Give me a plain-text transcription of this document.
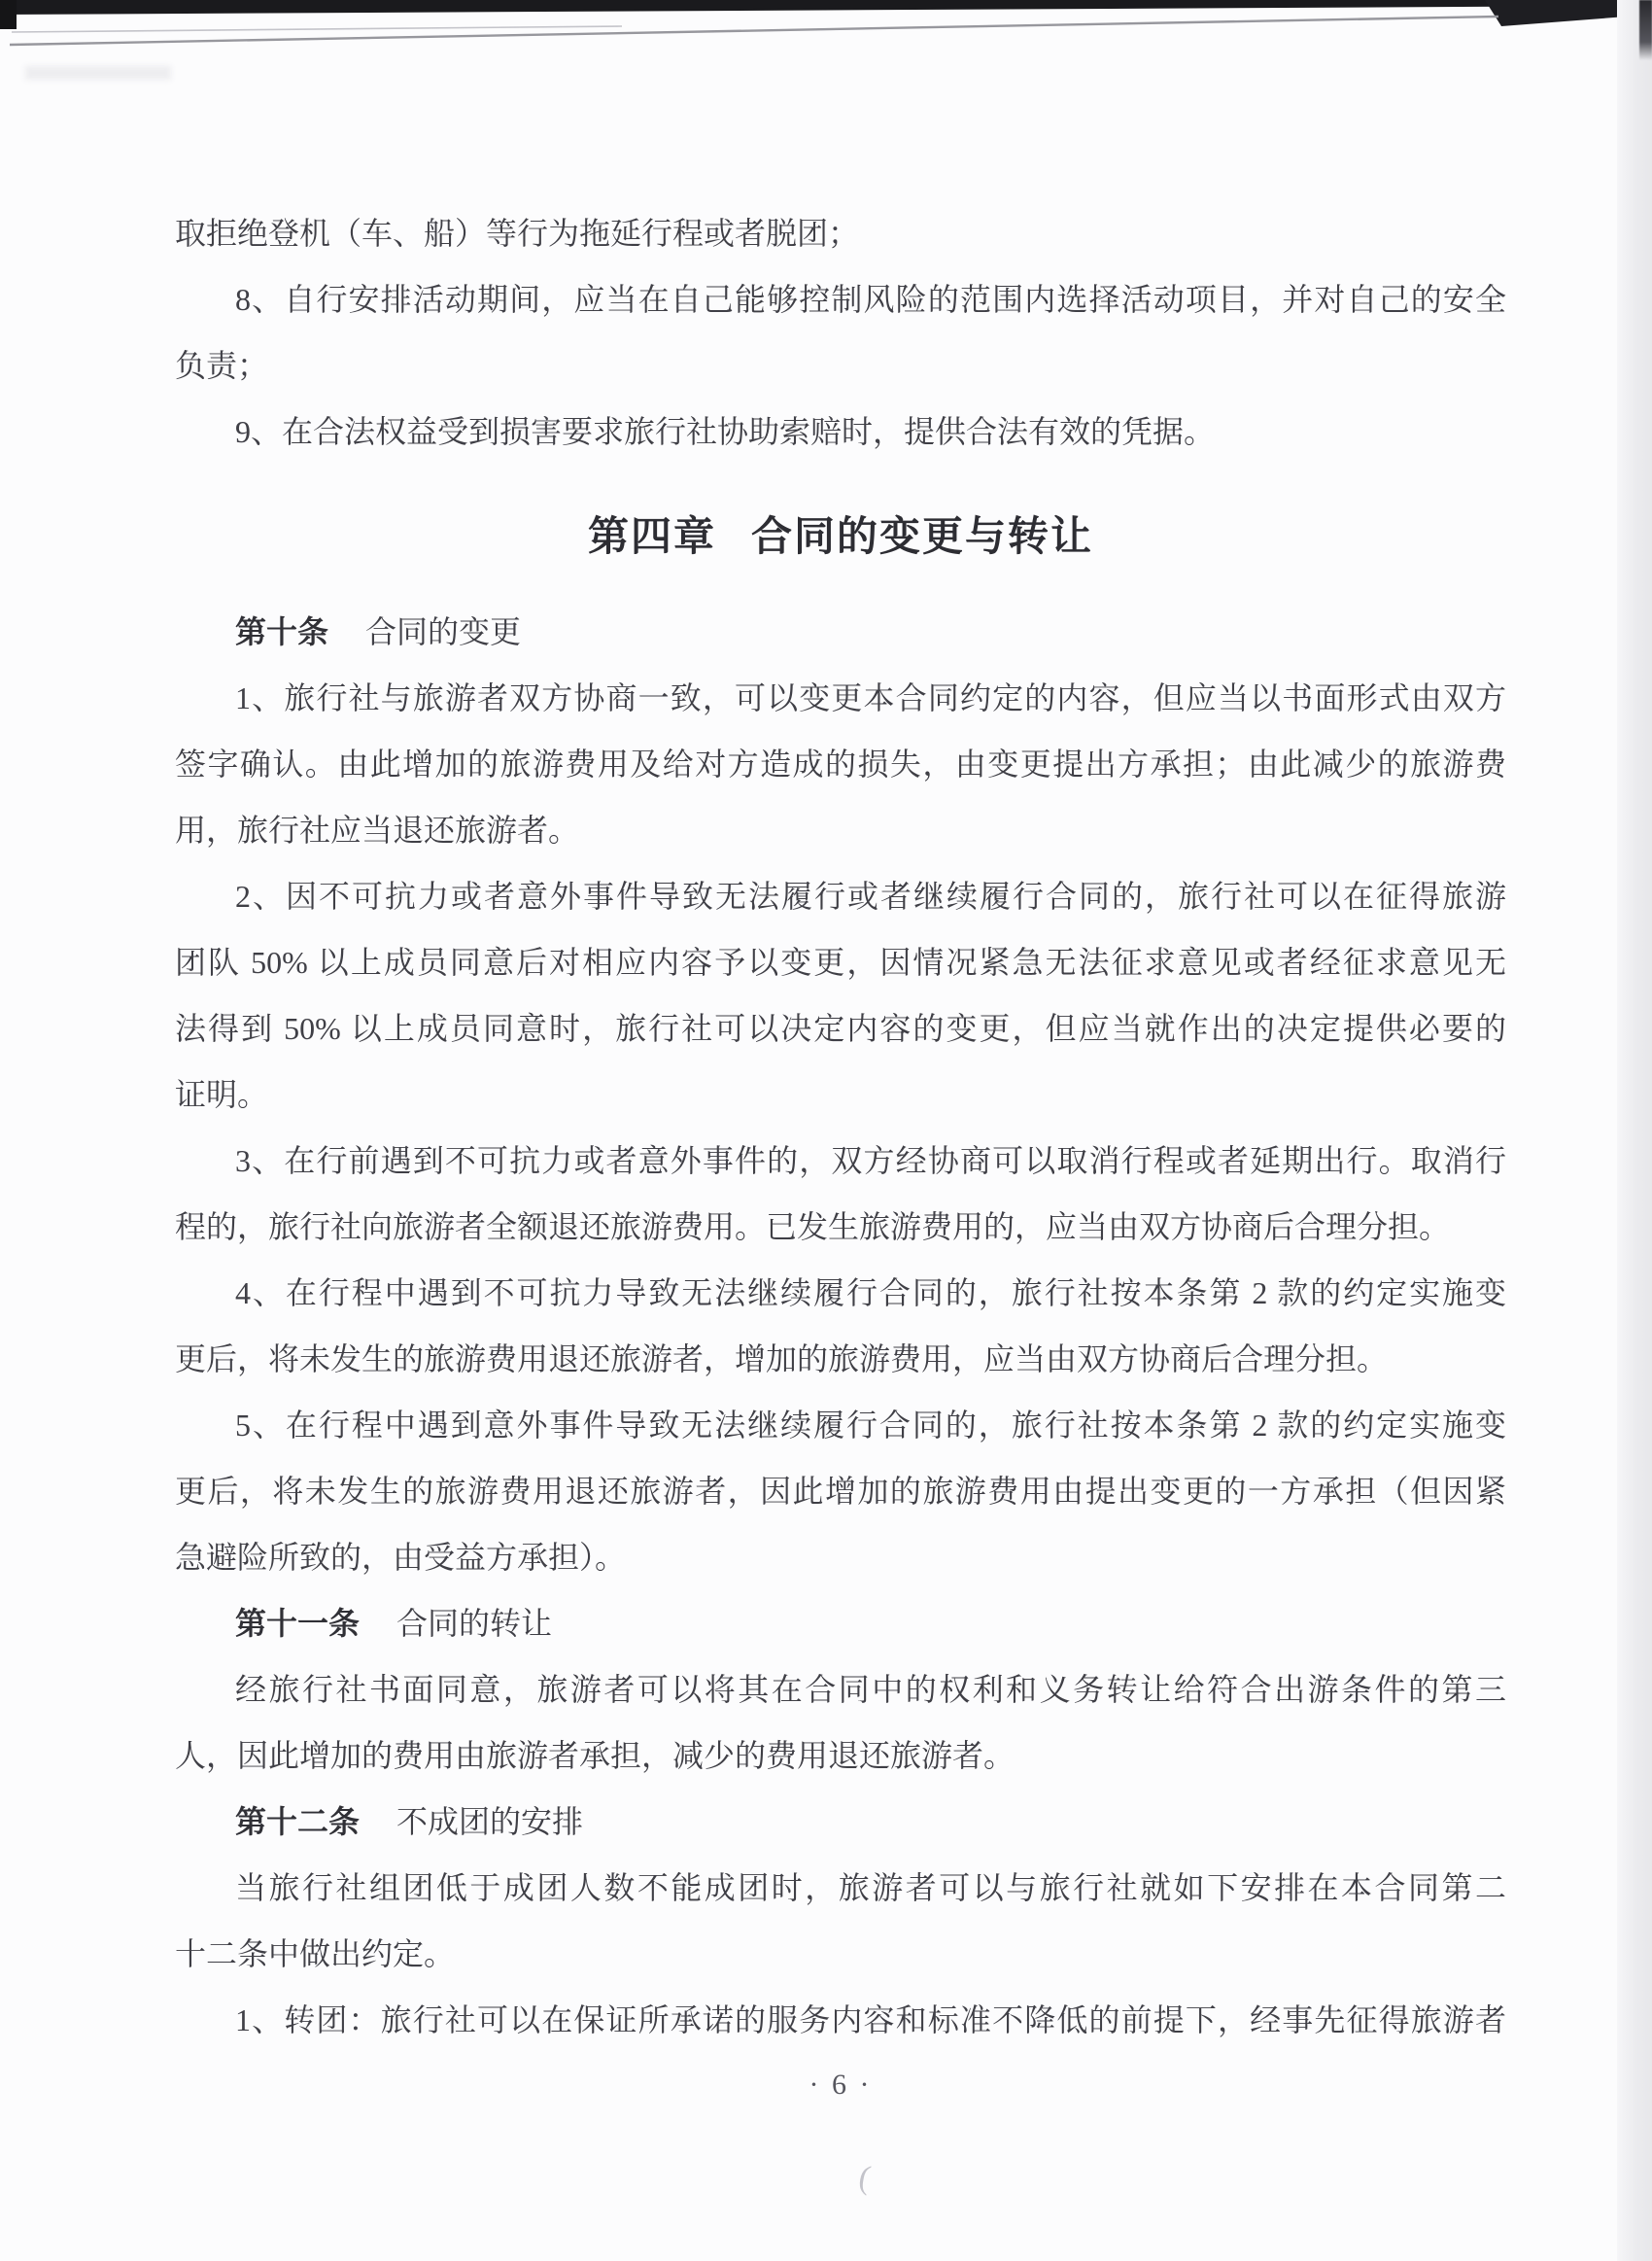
(
取拒绝登机（车、船）等行为拖延行程或者脱团；
8、自行安排活动期间，应当在自己能够控制风险的范围内选择活动项目，并对自己的安全
负责；
9、在合法权益受到损害要求旅行社协助索赔时，提供合法有效的凭据。
第四章 合同的变更与转让
第十条 合同的变更
1、旅行社与旅游者双方协商一致，可以变更本合同约定的内容，但应当以书面形式由双方
签字确认。由此增加的旅游费用及给对方造成的损失，由变更提出方承担；由此减少的旅游费
用，旅行社应当退还旅游者。
2、因不可抗力或者意外事件导致无法履行或者继续履行合同的，旅行社可以在征得旅游
团队 50% 以上成员同意后对相应内容予以变更，因情况紧急无法征求意见或者经征求意见无
法得到 50% 以上成员同意时，旅行社可以决定内容的变更，但应当就作出的决定提供必要的
证明。
3、在行前遇到不可抗力或者意外事件的，双方经协商可以取消行程或者延期出行。取消行
程的，旅行社向旅游者全额退还旅游费用。已发生旅游费用的，应当由双方协商后合理分担。
4、在行程中遇到不可抗力导致无法继续履行合同的，旅行社按本条第 2 款的约定实施变
更后，将未发生的旅游费用退还旅游者，增加的旅游费用，应当由双方协商后合理分担。
5、在行程中遇到意外事件导致无法继续履行合同的，旅行社按本条第 2 款的约定实施变
更后，将未发生的旅游费用退还旅游者，因此增加的旅游费用由提出变更的一方承担（但因紧
急避险所致的，由受益方承担）。
第十一条 合同的转让
经旅行社书面同意，旅游者可以将其在合同中的权利和义务转让给符合出游条件的第三
人，因此增加的费用由旅游者承担，减少的费用退还旅游者。
第十二条 不成团的安排
当旅行社组团低于成团人数不能成团时，旅游者可以与旅行社就如下安排在本合同第二
十二条中做出约定。
1、转团：旅行社可以在保证所承诺的服务内容和标准不降低的前提下，经事先征得旅游者
· 6 ·
